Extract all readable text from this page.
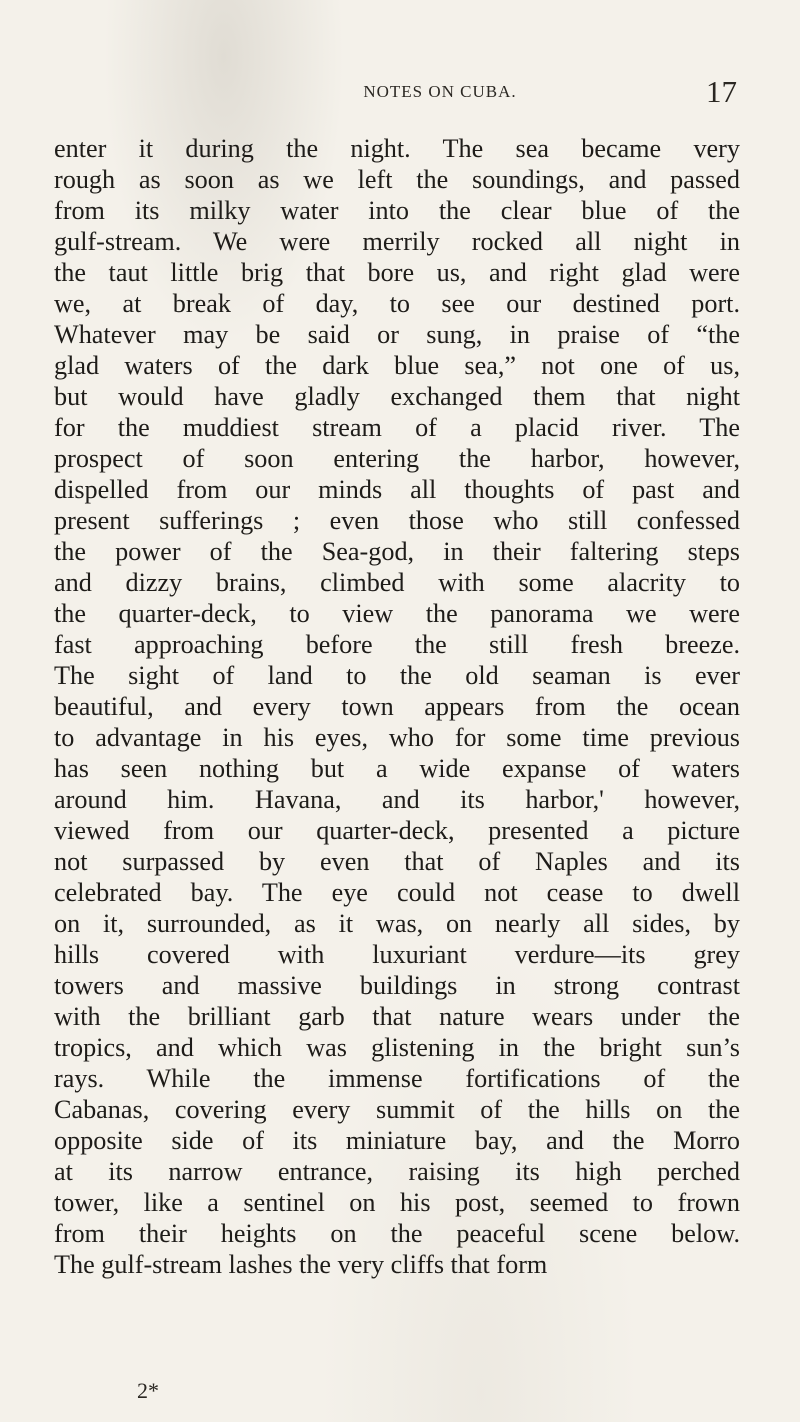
NOTES ON CUBA.	17
enter it during the night. The sea became very
rough as soon as we left the soundings, and passed
from its milky water into the clear blue of the
gulf-stream. We were merrily rocked all night in
the taut little brig that bore us, and right glad were
we, at break of day, to see our destined port.
Whatever may be said or sung, in praise of “the
glad waters of the dark blue sea,” not one of us,
but would have gladly exchanged them that night
for the muddiest stream of a placid river. The
prospect of soon entering the harbor, however,
dispelled from our minds all thoughts of past and
present sufferings ; even those who still confessed
the power of the Sea-god, in their faltering steps
and dizzy brains, climbed with some alacrity to
the quarter-deck, to view the panorama we were
fast approaching before the still fresh breeze.
The sight of land to the old seaman is ever
beautiful, and every town appears from the ocean
to advantage in his eyes, who for some time previous
has seen nothing but a wide expanse of waters
around him. Havana, and its harbor,' however,
viewed from our quarter-deck, presented a picture
not surpassed by even that of Naples and its
celebrated bay. The eye could not cease to dwell
on it, surrounded, as it was, on nearly all sides, by
hills covered with luxuriant verdure—its grey
towers and massive buildings in strong contrast
with the brilliant garb that nature wears under the
tropics, and which was glistening in the bright sun’s
rays. While the immense fortifications of the
Cabanas, covering every summit of the hills on the
opposite side of its miniature bay, and the Morro
at its narrow entrance, raising its high perched
tower, like a sentinel on his post, seemed to frown
from their heights on the peaceful scene below.
The gulf-stream lashes the very cliffs that form
2*
